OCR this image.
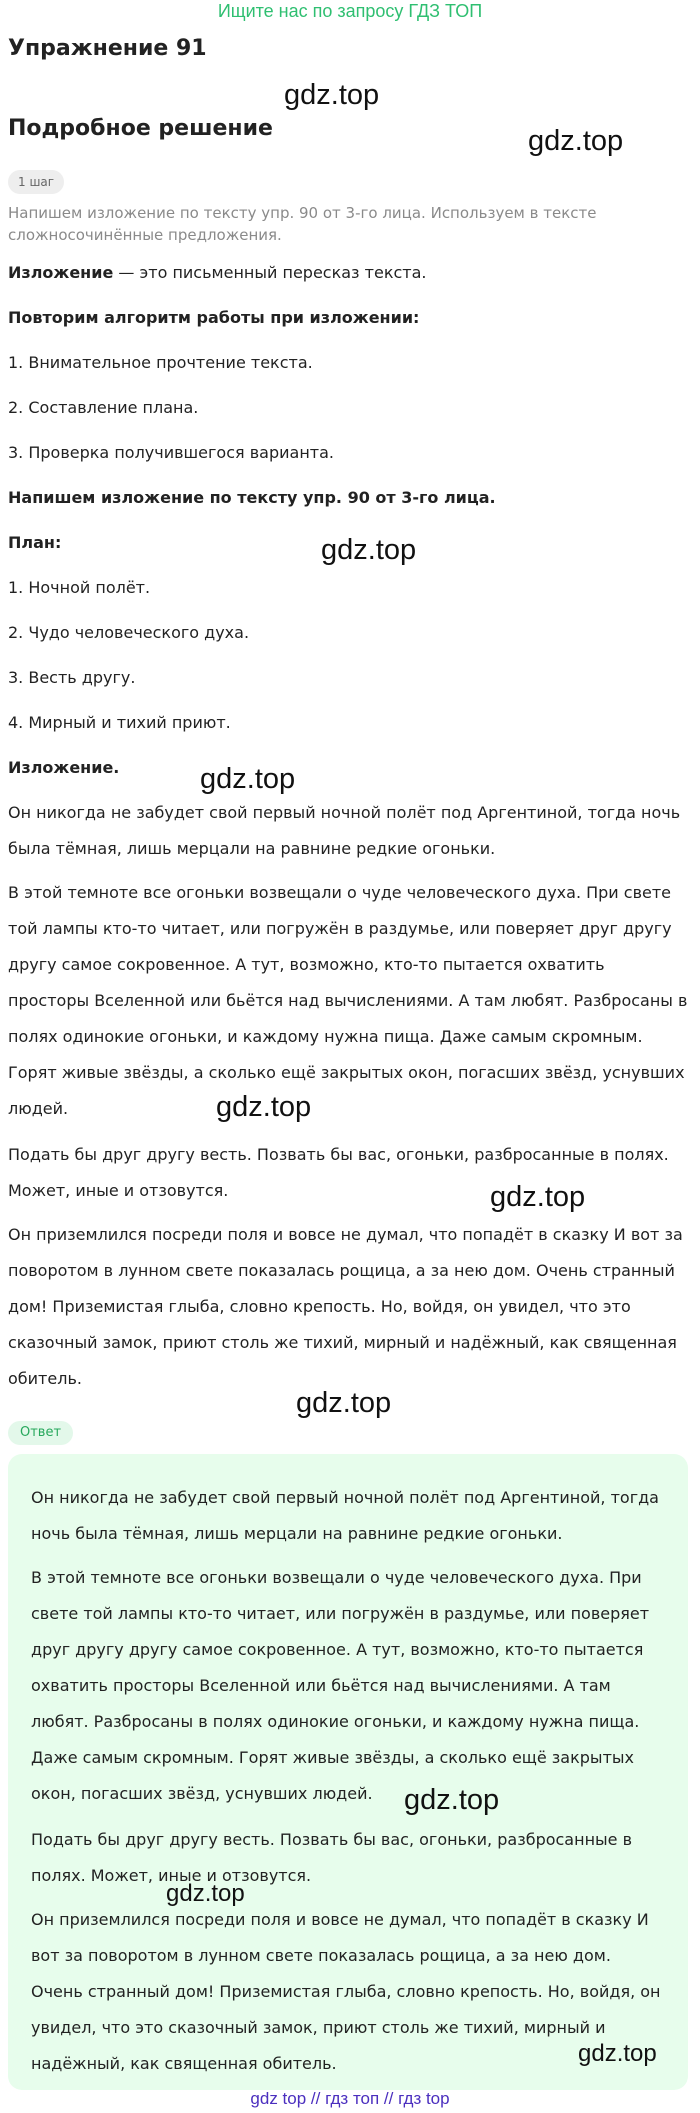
Ищите нас по запросу ГДЗ ТОП
Упражнение 91
gdz.top
Подробное решение	gdz.top
1 шаг
Напишем изложение по тексту упр. 90 от 3-го лица. Используем в тексте сложносочинённые предложения.
Изложение — это письменный пересказ текста.
Повторим алгоритм работы при изложении:
1. Внимательное прочтение текста.
2. Составление плана.
3. Проверка получившегося варианта.
Напишем изложение по тексту упр. 90 от 3-го лица.
План:	gdz.top
1. Ночной полёт.
2. Чудо человеческого духа.
3. Весть другу.
4. Мирный и тихий приют.
Изложение.	gdz.top
Он никогда не забудет свой первый ночной полёт под Аргентиной, тогда ночь была тёмная, лишь мерцали на равнине редкие огоньки.
В этой темноте все огоньки возвещали о чуде человеческого духа. При свете той лампы кто-то читает, или погружён в раздумье, или поверяет друг другу другу самое сокровенное. А тут, возможно, кто-то пытается охватить просторы Вселенной или бьётся над вычислениями. А там любят. Разбросаны в полях одинокие огоньки, и каждому нужна пища. Даже самым скромным. Горят живые звёзды, а сколько ещё закрытых окон, погасших звёзд, уснувших людей.	gdz.top
Подать бы друг другу весть. Позвать бы вас, огоньки, разбросанные в полях. Может, иные и отзовутся.	gdz.top
Он приземлился посреди поля и вовсе не думал, что попадёт в сказку И вот за поворотом в лунном свете показалась рощица, а за нею дом. Очень странный дом! Приземистая глыба, словно крепость. Но, войдя, он увидел, что это сказочный замок, приют столь же тихий, мирный и надёжный, как священная обитель.
gdz.top
Ответ
Он никогда не забудет свой первый ночной полёт под Аргентиной, тогда ночь была тёмная, лишь мерцали на равнине редкие огоньки.
В этой темноте все огоньки возвещали о чуде человеческого духа. При свете той лампы кто-то читает, или погружён в раздумье, или поверяет друг другу другу самое сокровенное. А тут, возможно, кто-то пытается охватить просторы Вселенной или бьётся над вычислениями. А там любят. Разбросаны в полях одинокие огоньки, и каждому нужна пища. Даже самым скромным. Горят живые звёзды, а сколько ещё закрытых окон, погасших звёзд, уснувших людей.	gdz.top
Подать бы друг другу весть. Позвать бы вас, огоньки, разбросанные в полях. Может, иные и отзовутся.
gdz.top
Он приземлился посреди поля и вовсе не думал, что попадёт в сказку И вот за поворотом в лунном свете показалась рощица, а за нею дом. Очень странный дом! Приземистая глыба, словно крепость. Но, войдя, он увидел, что это сказочный замок, приют столь же тихий, мирный и надёжный, как священная обитель.	gdz.top
gdz top // гдз топ // гдз top
